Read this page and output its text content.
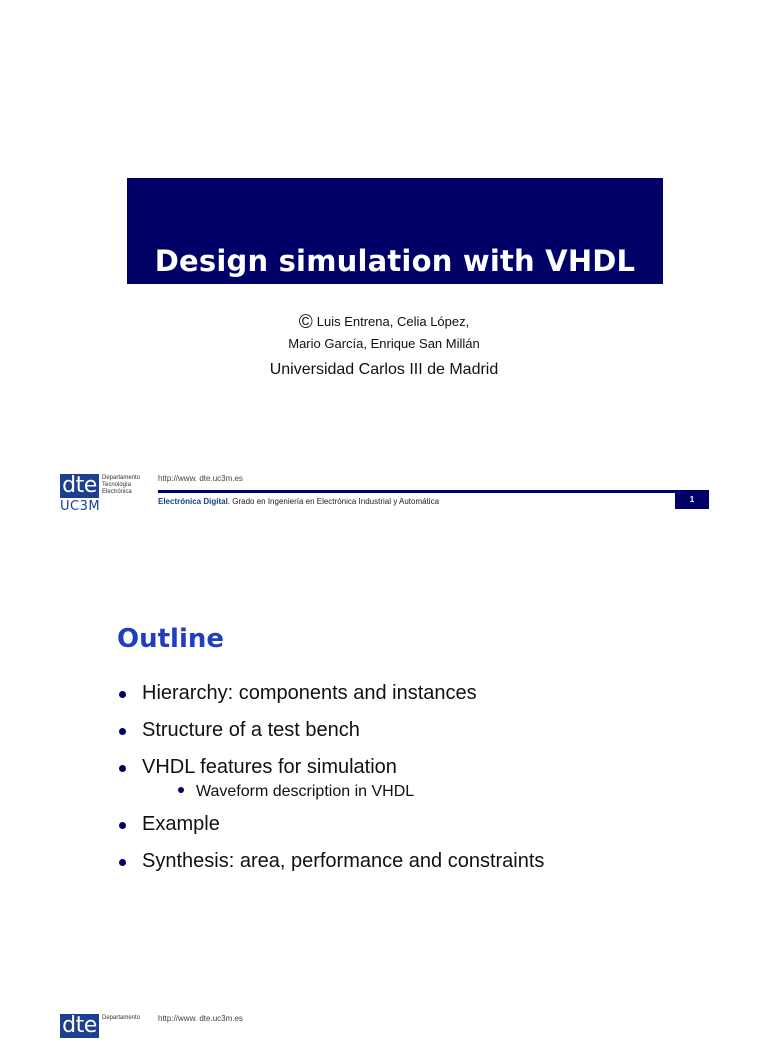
Design simulation with VHDL
© Luis Entrena, Celia López,
Mario García, Enrique San Millán
Universidad Carlos III de Madrid
dte
UC3M
Departamento
Tecnología
Electrónica
http://www. dte.uc3m.es
Electrónica Digital. Grado en Ingeniería en Electrónica Industrial y Automática	1
Outline
Hierarchy: components and instances
Structure of a test bench
VHDL features for simulation
Waveform description in VHDL
Example
Synthesis: area, performance and constraints
dte Departamento http://www. dte.uc3m.es
